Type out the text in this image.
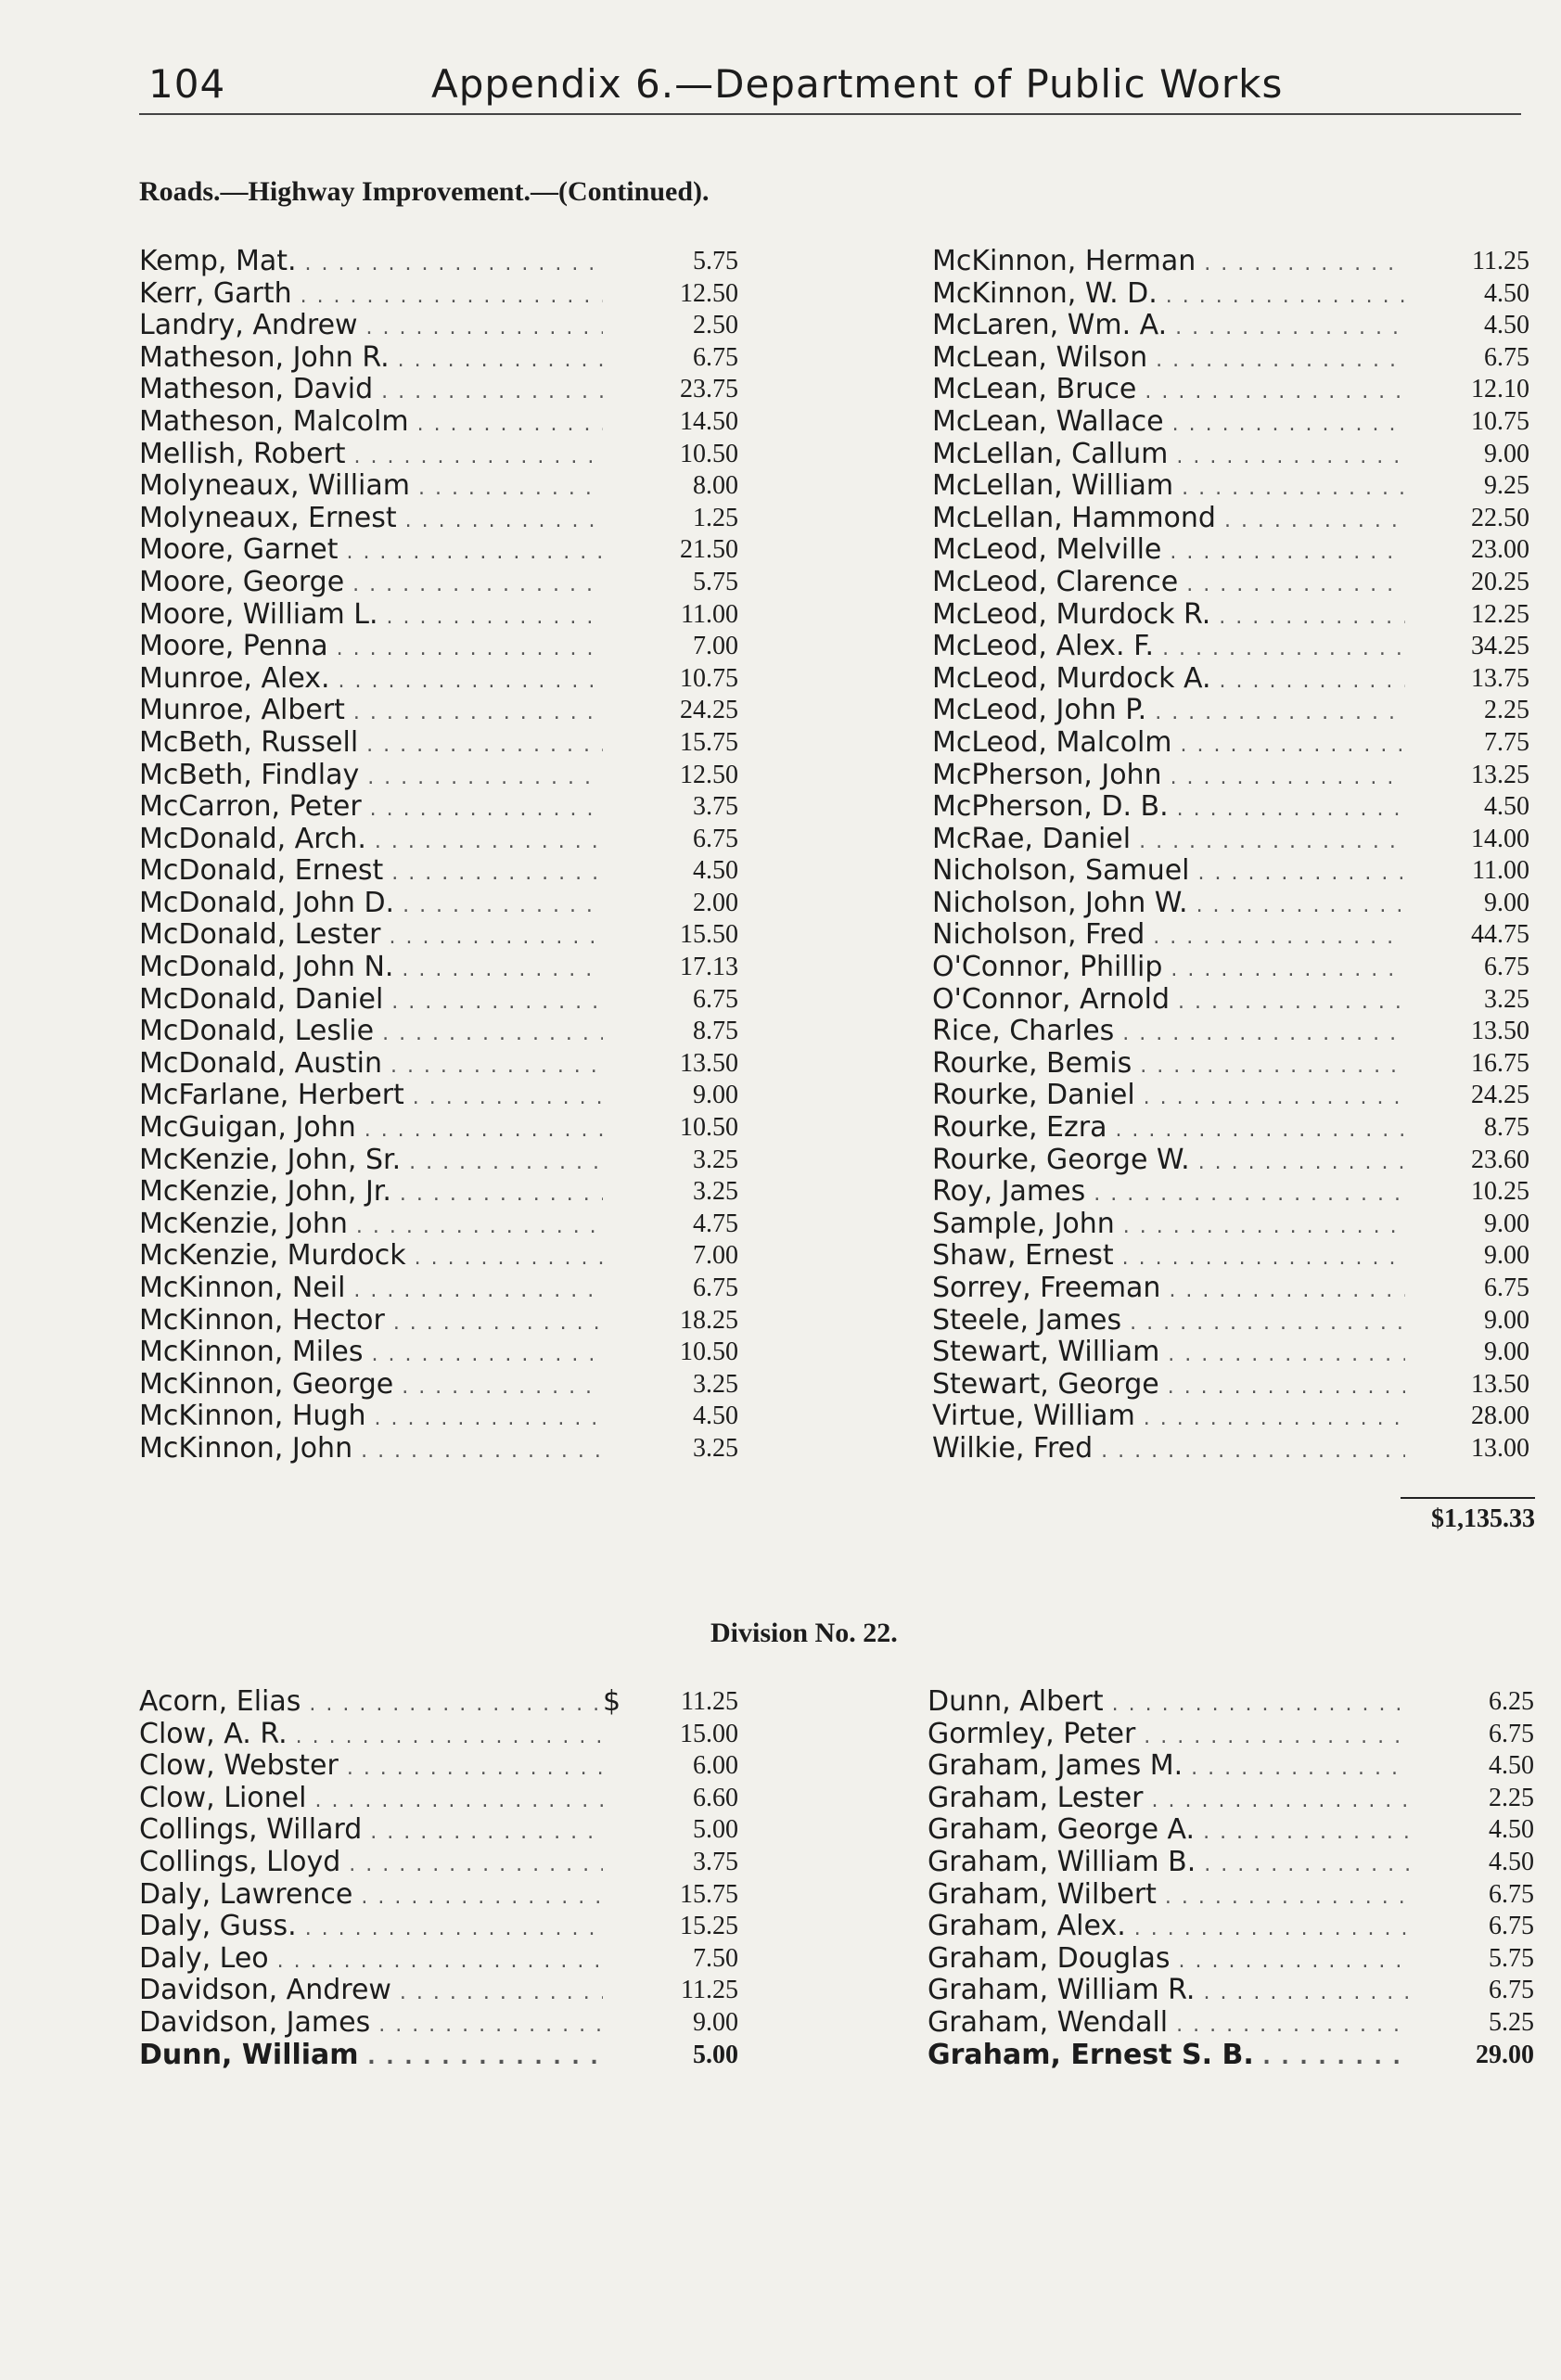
104	Appendix 6.—Department of Public Works
Roads.—Highway Improvement.—(Continued).
Kemp, Mat. . . .	5.75
Kerr, Garth . . .	12.50
Landry, Andrew . . .	2.50
Matheson, John R. . . .	6.75
Matheson, David . . .	23.75
Matheson, Malcolm . . .	14.50
Mellish, Robert . . .	10.50
Molyneaux, William . . .	8.00
Molyneaux, Ernest . . .	1.25
Moore, Garnet . . .	21.50
Moore, George . . .	5.75
Moore, William L. . . .	11.00
Moore, Penna . . .	7.00
Munroe, Alex. . . .	10.75
Munroe, Albert . . .	24.25
McBeth, Russell . . .	15.75
McBeth, Findlay . . .	12.50
McCarron, Peter . . .	3.75
McDonald, Arch. . . .	6.75
McDonald, Ernest . . .	4.50
McDonald, John D. . . .	2.00
McDonald, Lester . . .	15.50
McDonald, John N. . . .	17.13
McDonald, Daniel . . .	6.75
McDonald, Leslie . . .	8.75
McDonald, Austin . . .	13.50
McFarlane, Herbert . . .	9.00
McGuigan, John . . .	10.50
McKenzie, John, Sr. . . .	3.25
McKenzie, John, Jr. . . .	3.25
McKenzie, John . . .	4.75
McKenzie, Murdock . . .	7.00
McKinnon, Neil . . .	6.75
McKinnon, Hector . . .	18.25
McKinnon, Miles . . .	10.50
McKinnon, George . . .	3.25
McKinnon, Hugh . . .	4.50
McKinnon, John . . .	3.25
McKinnon, Herman . . .	11.25
McKinnon, W. D. . . .	4.50
McLaren, Wm. A. . . .	4.50
McLean, Wilson . . .	6.75
McLean, Bruce . . .	12.10
McLean, Wallace . . .	10.75
McLellan, Callum . . .	9.00
McLellan, William . . .	9.25
McLellan, Hammond . . .	22.50
McLeod, Melville . . .	23.00
McLeod, Clarence . . .	20.25
McLeod, Murdock R. . . .	12.25
McLeod, Alex. F. . . .	34.25
McLeod, Murdock A. . . .	13.75
McLeod, John P. . . .	2.25
McLeod, Malcolm . . .	7.75
McPherson, John . . .	13.25
McPherson, D. B. . . .	4.50
McRae, Daniel . . .	14.00
Nicholson, Samuel . . .	11.00
Nicholson, John W. . . .	9.00
Nicholson, Fred . . .	44.75
O'Connor, Phillip . . .	6.75
O'Connor, Arnold . . .	3.25
Rice, Charles . . .	13.50
Rourke, Bemis . . .	16.75
Rourke, Daniel . . .	24.25
Rourke, Ezra . . .	8.75
Rourke, George W. . . .	23.60
Roy, James . . .	10.25
Sample, John . . .	9.00
Shaw, Ernest . . .	9.00
Sorrey, Freeman . . .	6.75
Steele, James . . .	9.00
Stewart, William . . .	9.00
Stewart, George . . .	13.50
Virtue, William . . .	28.00
Wilkie, Fred . . .	13.00
$1,135.33
Division No. 22.
Acorn, Elias . . .	$	11.25
Clow, A. R. . . .	15.00
Clow, Webster . . .	6.00
Clow, Lionel . . .	6.60
Collings, Willard . . .	5.00
Collings, Lloyd . . .	3.75
Daly, Lawrence . . .	15.75
Daly, Guss. . . .	15.25
Daly, Leo . . .	7.50
Davidson, Andrew . . .	11.25
Davidson, James . . .	9.00
Dunn, William . . .	5.00
Dunn, Albert . . .	6.25
Gormley, Peter . . .	6.75
Graham, James M. . . .	4.50
Graham, Lester . . .	2.25
Graham, George A. . . .	4.50
Graham, William B. . . .	4.50
Graham, Wilbert . . .	6.75
Graham, Alex. . . .	6.75
Graham, Douglas . . .	5.75
Graham, William R. . . .	6.75
Graham, Wendall . . .	5.25
Graham, Ernest S. B. . . .	29.00
